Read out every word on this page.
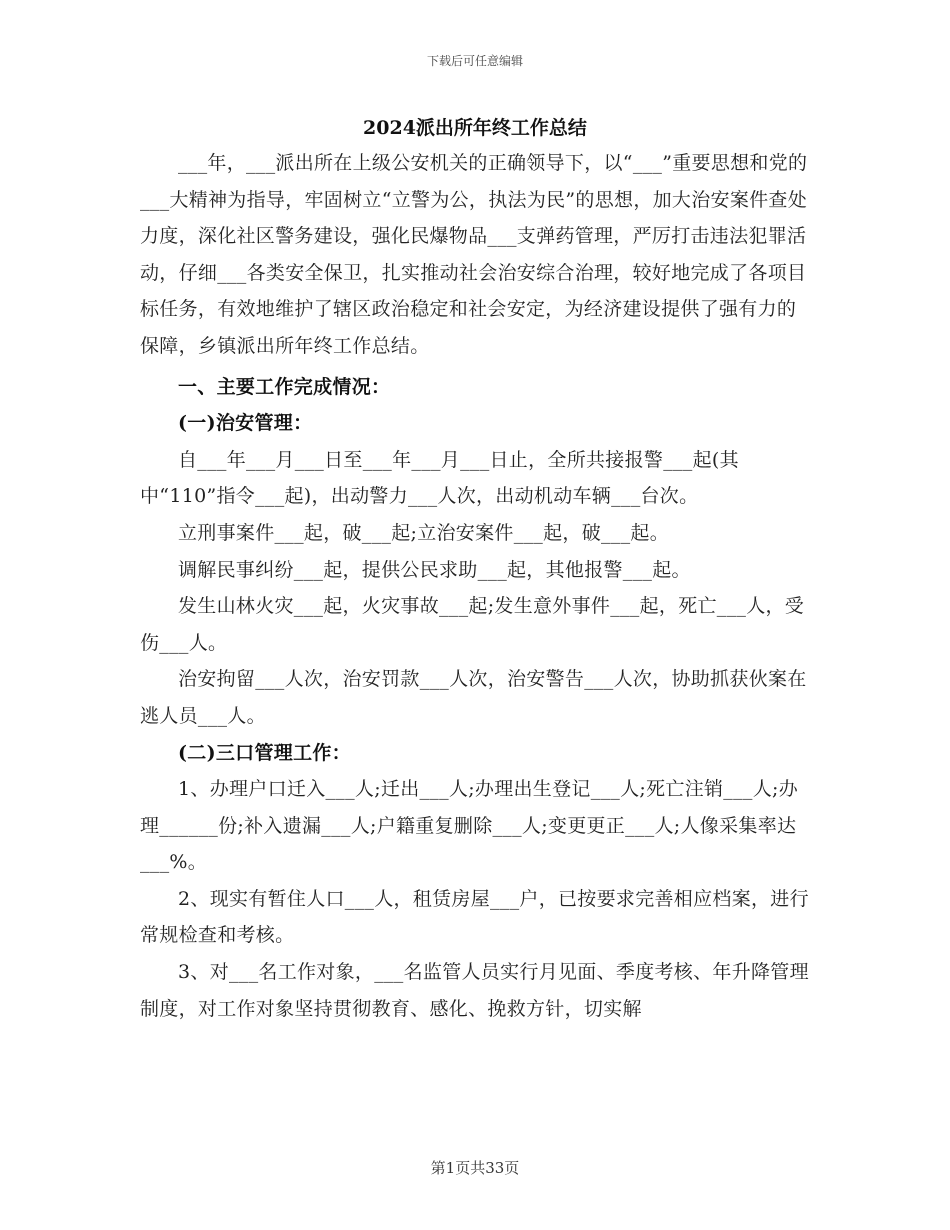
下载后可任意编辑
2024派出所年终工作总结

___年，___派出所在上级公安机关的正确领导下，以“___”重要思想和党的___大精神为指导，牢固树立“立警为公，执法为民”的思想，加大治安案件查处力度，深化社区警务建设，强化民爆物品___支弹药管理，严厉打击违法犯罪活动，仔细___各类安全保卫，扎实推动社会治安综合治理，较好地完成了各项目标任务，有效地维护了辖区政治稳定和社会安定，为经济建设提供了强有力的保障，乡镇派出所年终工作总结。

一、主要工作完成情况：

(一)治安管理：

自___年___月___日至___年___月___日止，全所共接报警___起(其中“110”指令___起)，出动警力___人次，出动机动车辆___台次。

立刑事案件___起，破___起;立治安案件___起，破___起。

调解民事纠纷___起，提供公民求助___起，其他报警___起。

发生山林火灾___起，火灾事故___起;发生意外事件___起，死亡___人，受伤___人。

治安拘留___人次，治安罚款___人次，治安警告___人次，协助抓获伙案在逃人员___人。

(二)三口管理工作：

1、办理户口迁入___人;迁出___人;办理出生登记___人;死亡注销___人;办理______份;补入遗漏___人;户籍重复删除___人;变更更正___人;人像采集率达___%。

2、现实有暂住人口___人，租赁房屋___户，已按要求完善相应档案，进行常规检查和考核。

3、对___名工作对象，___名监管人员实行月见面、季度考核、年升降管理制度，对工作对象坚持贯彻教育、感化、挽救方针，切实解

第1页共33页
